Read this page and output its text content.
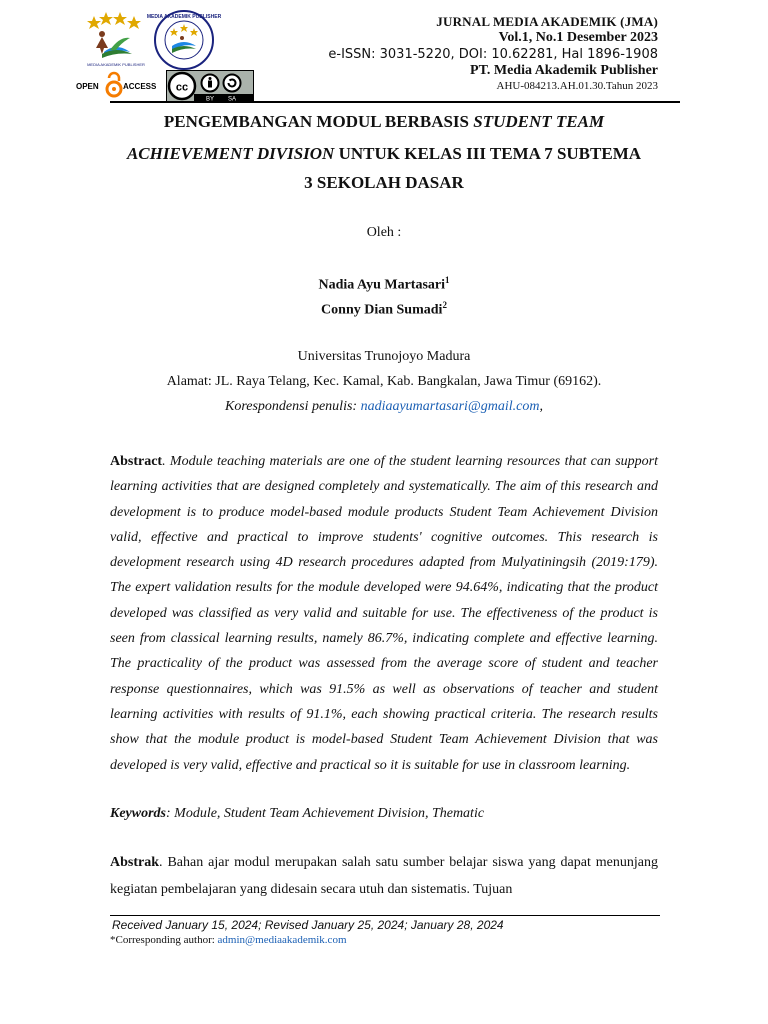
MEDIA AKADEMIK PUBLISHER
MEDIA AKADEMIK PUBLISHER
OPEN	ACCESS cc
BY SA
JURNAL MEDIA AKADEMIK (JMA)
Vol.1, No.1 Desember 2023
e-ISSN: 3031-5220, DOI: 10.62281, Hal 1896-1908
PT. Media Akademik Publisher
AHU-084213.AH.01.30.Tahun 2023
PENGEMBANGAN MODUL BERBASIS STUDENT TEAM
ACHIEVEMENT DIVISION UNTUK KELAS III TEMA 7 SUBTEMA
3 SEKOLAH DASAR
Oleh :
Nadia Ayu Martasari$^1$
Conny Dian Sumadi$^2$
Universitas Trunojoyo Madura
Alamat: JL. Raya Telang, Kec. Kamal, Kab. Bangkalan, Jawa Timur (69162).
Korespondensi penulis: nadiaayumartasari@gmail.com,
Abstract. Module teaching materials are one of the student learning resources that can support learning activities that are designed completely and systematically. The aim of this research and development is to produce model-based module products Student Team Achievement Division valid, effective and practical to improve students' cognitive outcomes. This research is development research using 4D research procedures adapted from Mulyatiningsih (2019:179). The expert validation results for the module developed were 94.64%, indicating that the product developed was classified as very valid and suitable for use. The effectiveness of the product is seen from classical learning results, namely 86.7%, indicating complete and effective learning. The practicality of the product was assessed from the average score of student and teacher response questionnaires, which was 91.5% as well as observations of teacher and student learning activities with results of 91.1%, each showing practical criteria. The research results show that the module product is model-based Student Team Achievement Division that was developed is very valid, effective and practical so it is suitable for use in classroom learning.
Keywords: Module, Student Team Achievement Division, Thematic
Abstrak. Bahan ajar modul merupakan salah satu sumber belajar siswa yang dapat menunjang kegiatan pembelajaran yang didesain secara utuh dan sistematis. Tujuan
Received January 15, 2024; Revised January 25, 2024; January 28, 2024
*Corresponding author: admin@mediaakademik.com
